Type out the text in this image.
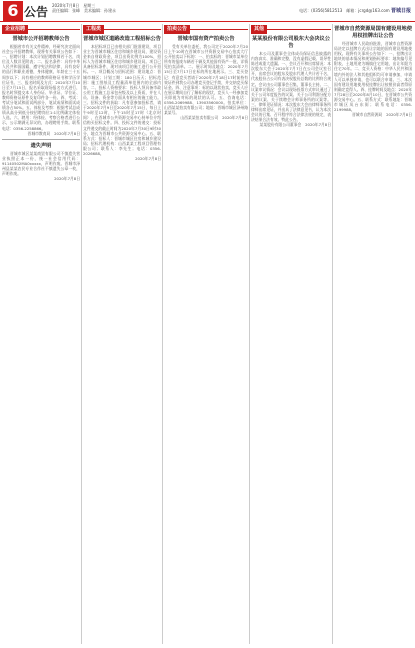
6 公告 2020年7月8日　星期三
责任编辑：张峰　美术编辑：孙建永	电话：(0356)5812513　邮箱：jcrgd@163.com 晋城日报
企业招聘
晋城市公开招聘教师公告

根据省市有关文件精神，经研究决定面向社会公开招聘教师，现将有关事项公告如下：一、招聘计划：本次计划招聘教师若干名，岗位及人数详见附表；二、报名条件：具有中华人民共和国国籍，遵守宪法和法律，具有良好的品行和职业道德，身体健康，年龄在三十五周岁以下；具有相应的教师资格证书和学历学位证书。三、报名时间及方式：2020年7月10日至7月15日，报名采取现场报名方式进行，报名时须提交本人身份证、毕业证、学位证、教师资格证原件及复印件各一份。四、考试：考试分笔试和面试两部分，笔试成绩和面试成绩各占50%。五、体检及考察：根据考试总成绩从高分到低分按招聘岗位1:1比例确定体检人选。六、聘用：经体检、考察合格者进行公示，公示期满无异议的，办理聘用手续。联系电话：0356-2258866。

晋城市教育局　2020年7月8日
遗失声明

晋城市城区某某商贸有限公司不慎遗失营业执照正本一份，统一社会信用代码：91140502MA0xxxxx，声明作废。晋城市泽州县某某农民专业合作社不慎遗失公章一枚，声明作废。

2020年7月8日
工程类
晋城市城区道路改造工程招标公告

本招标项目已由相关部门批准建设，项目业主为晋城市城区住房和城乡建设局，建设资金来自财政资金，项目出资比例为100%，招标人为晋城市城区住房和城乡建设局。项目已具备招标条件，现对该项目的施工进行公开招标。一、项目概况与招标范围：建设地点：晋城市城区；计划工期：180日历天；招标范围：施工图纸及工程量清单范围内的全部内容。二、投标人资格要求：投标人须具备市政公用工程施工总承包叁级及以上资质，并在人员、设备、资金等方面具有相应的施工能力。三、招标文件的获取：凡有意参加投标者，请于2020年7月9日至2020年7月15日，每日上午9时至12时，下午15时至17时（北京时间），在晋城市公共资源交易中心持单位介绍信购买招标文件。四、投标文件的递交：投标文件递交的截止时间为2020年7月30日9时30分，地点为晋城市公共资源交易中心。五、联系方式：招标人：晋城市城区住房和城乡建设局；招标代理机构：山西某某工程项目管理有限公司；联系人：李先生；电话：0356-2026688。

2020年7月8日
拍卖公告
晋城市国有资产拍卖公告

受有关单位委托，我公司定于2020年7月20日上午10时在晋城市公共资源交易中心拍卖大厅公开拍卖以下标的：一、拍卖标的：晋城市某单位所有的报废车辆若干辆及其他国有资产一批，详情见拍卖清单。二、展示时间及地点：2020年7月15日至7月17日在标的所在地展示。三、竞买登记：有意竞买者请于2020年7月18日17时前持有效证件到我公司办理竞买登记手续，并交纳竞买保证金。四、注意事项：标的以现状拍卖，竞买人应在展示期间自行了解标的现状，竞买人一经参加竞买即视为对标的现状的认可。五、咨询电话：0356-2069988、13903560000。拍卖单位：山西某某拍卖有限公司；地址：晋城市城区泽州路某某号。

山西某某拍卖有限公司　2020年7月8日
其他
某某股份有限公司股东大会决议公告

本公司及董事会全体成员保证信息披露的内容真实、准确和完整，没有虚假记载、误导性陈述或重大遗漏。一、会议召开和出席情况：本次股东大会于2020年7月7日在公司会议室召开，出席会议的股东及股东代理人共计若干名，代表股份占公司有表决权股份总数的比例符合规定。会议由公司董事会召集，董事长主持。二、议案审议情况：会议以现场投票方式审议通过了关于公司年度报告的议案、关于公司利润分配方案的议案、关于续聘会计师事务所的议案等。三、律师见证情况：本次股东大会由律师事务所律师出席见证，并出具了法律意见书，认为本次会议的召集、召开程序符合法律法规的规定，表决结果合法有效。特此公告。

某某股份有限公司董事会　2020年7月8日
晋城市自然资源局国有建设用地使用权挂牌出让公告

经晋城市人民政府批准，晋城市自然资源局决定以挂牌方式出让宗地的国有建设用地使用权。现将有关事项公告如下：一、挂牌出让地块的基本情况和规划指标要求：地块编号见附表，土地用途为城镇住宅用地，出让年限为住宅70年。二、竞买人资格：中华人民共和国境内外的法人和其他组织均可申请参加，申请人可以单独申请，也可以联合申请。三、本次国有建设用地使用权挂牌出让按照价高者得原则确定竞得人。四、挂牌时间及地点：2020年7月28日至2020年8月10日，在晋城市公共资源交易中心。五、联系方式：联系地址：晋城市城区凤台东街；联系电话：0356-2199988。

晋城市自然资源局　2020年7月8日
